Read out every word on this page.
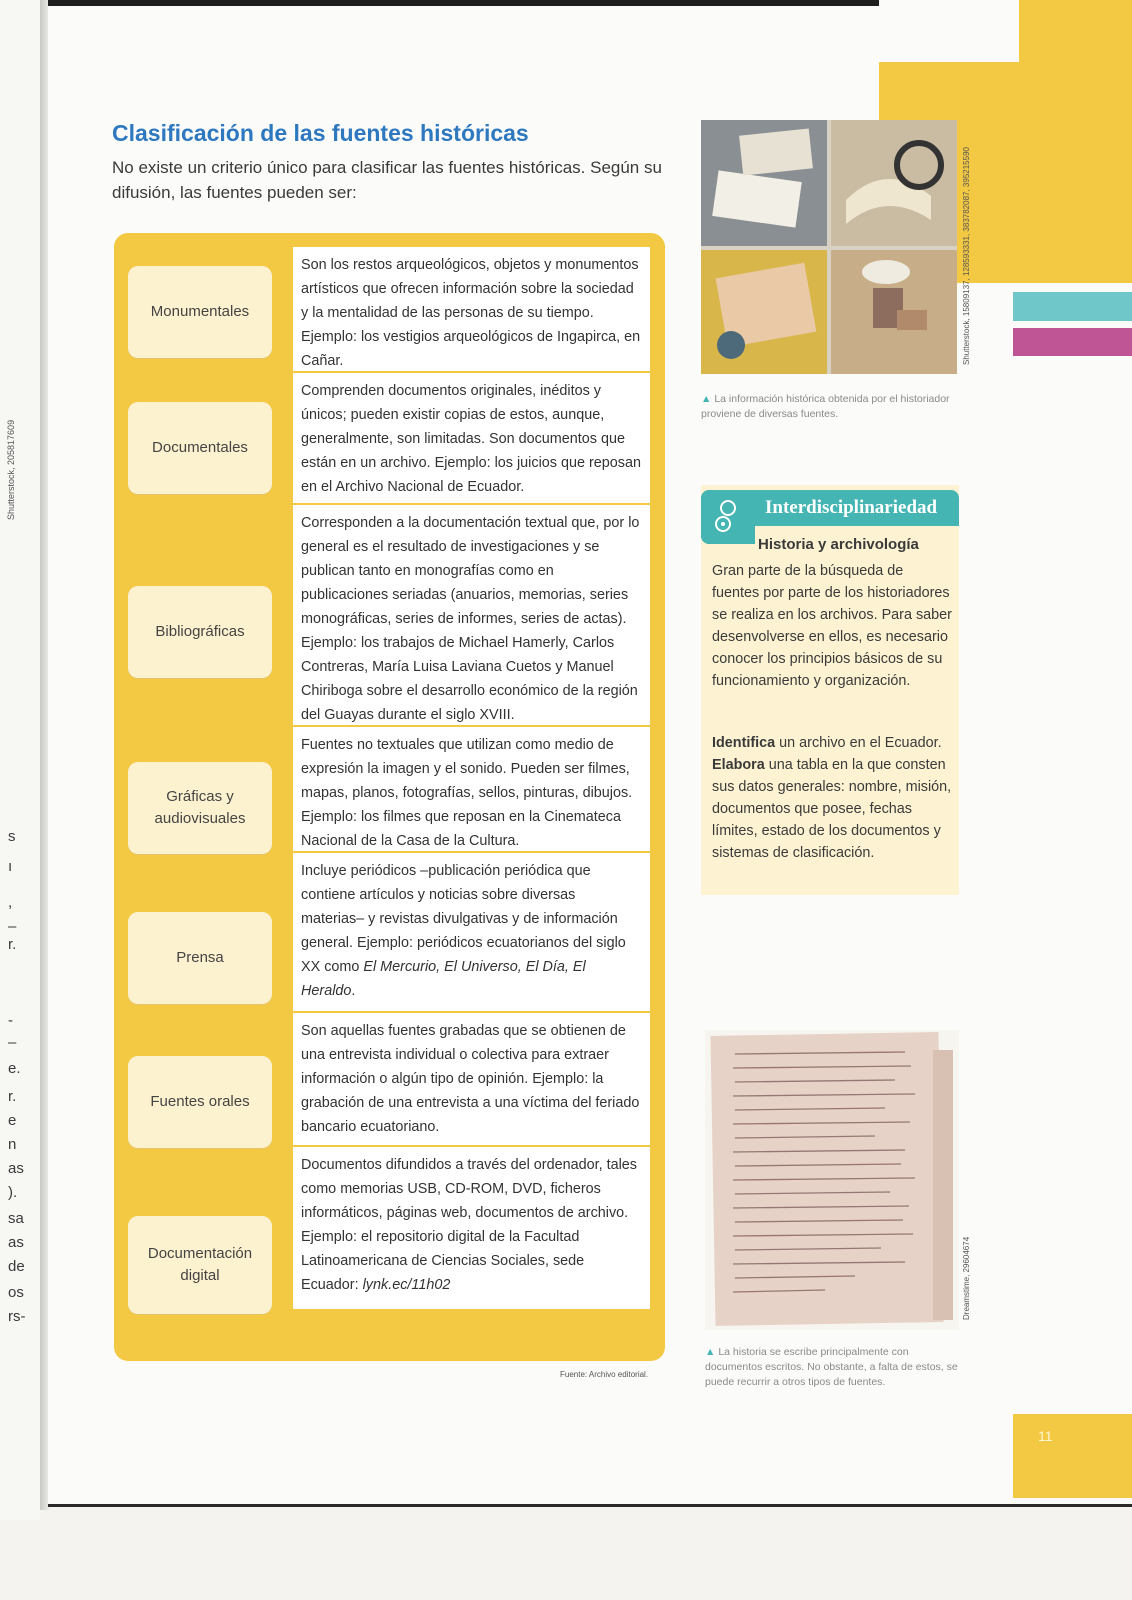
s
ı
,
–
r.
-
–
e.
r.
e
n
as
).
sa
as
de
os
rs-
Shutterstock, 205817609
11
Clasificación de las fuentes históricas

No existe un criterio único para clasificar las fuentes históricas. Según su difusión, las fuentes pueden ser:

Son los restos arqueológicos, objetos y monumentos artísticos que ofrecen información sobre la sociedad y la mentalidad de las personas de su tiempo. Ejemplo: los vestigios arqueológicos de Ingapirca, en Cañar.
Comprenden documentos originales, inéditos y únicos; pueden existir copias de estos, aunque, generalmente, son limitadas. Son documentos que están en un archivo. Ejemplo: los juicios que reposan en el Archivo Nacional de Ecuador.
Corresponden a la documentación textual que, por lo general es el resultado de investigaciones y se publican tanto en monografías como en publicaciones seriadas (anuarios, memorias, series monográficas, series de informes, series de actas). Ejemplo: los trabajos de Michael Hamerly, Carlos Contreras, María Luisa Laviana Cuetos y Manuel Chiriboga sobre el desarrollo económico de la región del Guayas durante el siglo XVIII.
Fuentes no textuales que utilizan como medio de expresión la imagen y el sonido. Pueden ser filmes, mapas, planos, fotografías, sellos, pinturas, dibujos. Ejemplo: los filmes que reposan en la Cinemateca Nacional de la Casa de la Cultura.
Incluye periódicos –publicación periódica que contiene artículos y noticias sobre diversas materias– y revistas divulgativas y de información general. Ejemplo: periódicos ecuatorianos del siglo XX como El Mercurio, El Universo, El Día, El Heraldo.
Son aquellas fuentes grabadas que se obtienen de una entrevista individual o colectiva para extraer información o algún tipo de opinión. Ejemplo: la grabación de una entrevista a una víctima del feriado bancario ecuatoriano.
Documentos difundidos a través del ordenador, tales como memorias USB, CD-ROM, DVD, ficheros informáticos, páginas web, documentos de archivo. Ejemplo: el repositorio digital de la Facultad Latinoamericana de Ciencias Sociales, sede Ecuador: lynk.ec/11h02
Monumentales
Documentales
Bibliográficas
Gráficas y audiovisuales
Prensa
Fuentes orales
Documentación digital
Fuente: Archivo editorial.
Shutterstock, 15809137, 128593331, 383782087, 395215590

▲ La información histórica obtenida por el historiador proviene de diversas fuentes.

Interdisciplinariedad
Historia y archivología

Gran parte de la búsqueda de fuentes por parte de los historiadores se realiza en los archivos. Para saber desenvolverse en ellos, es necesario conocer los principios básicos de su funcionamiento y organización.

Identifica un archivo en el Ecuador. Elabora una tabla en la que consten sus datos generales: nombre, misión, documentos que posee, fechas límites, estado de los documentos y sistemas de clasificación.

Dreamstime, 29604674

▲ La historia se escribe principalmente con documentos escritos. No obstante, a falta de estos, se puede recurrir a otros tipos de fuentes.
